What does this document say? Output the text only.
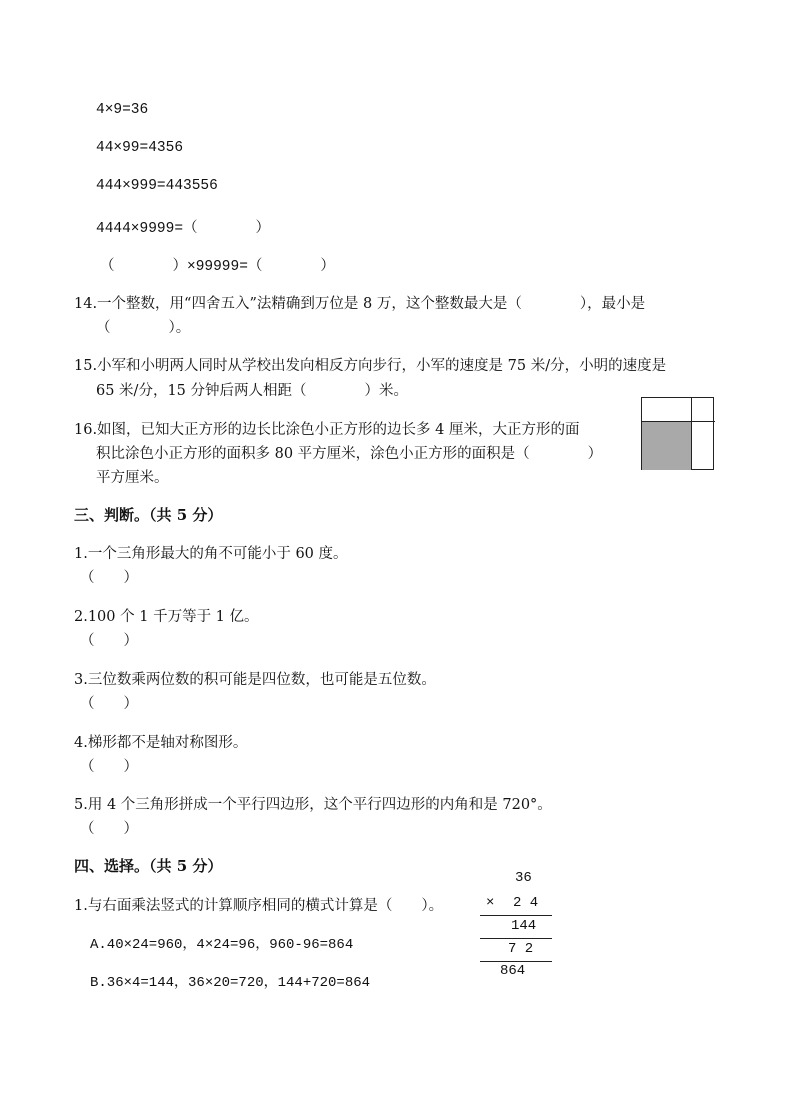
4×9=36
44×99=4356
444×999=443556
4444×9999=（　　　　）
（　　　　）×99999=（　　　　）
14.一个整数，用“四舍五入”法精确到万位是 8 万，这个整数最大是（　　　　），最小是
（　　　　）。
15.小军和小明两人同时从学校出发向相反方向步行，小军的速度是 75 米/分，小明的速度是
65 米/分，15 分钟后两人相距（　　　　）米。
16.如图，已知大正方形的边长比涂色小正方形的边长多 4 厘米，大正方形的面
积比涂色小正方形的面积多 80 平方厘米，涂色小正方形的面积是（　　　　）
平方厘米。
三、判断。（共 5 分）
1.一个三角形最大的角不可能小于 60 度。
（　　）
2.100 个 1 千万等于 1 亿。
（　　）
3.三位数乘两位数的积可能是四位数，也可能是五位数。
（　　）
4.梯形都不是轴对称图形。
（　　）
5.用 4 个三角形拼成一个平行四边形，这个平行四边形的内角和是 720°。
（　　）
四、选择。（共 5 分）
1.与右面乘法竖式的计算顺序相同的横式计算是（　　）。
A.40×24=960，4×24=96，960-96=864
B.36×4=144，36×20=720，144+720=864
36
× 2 4
144
7 2
864
